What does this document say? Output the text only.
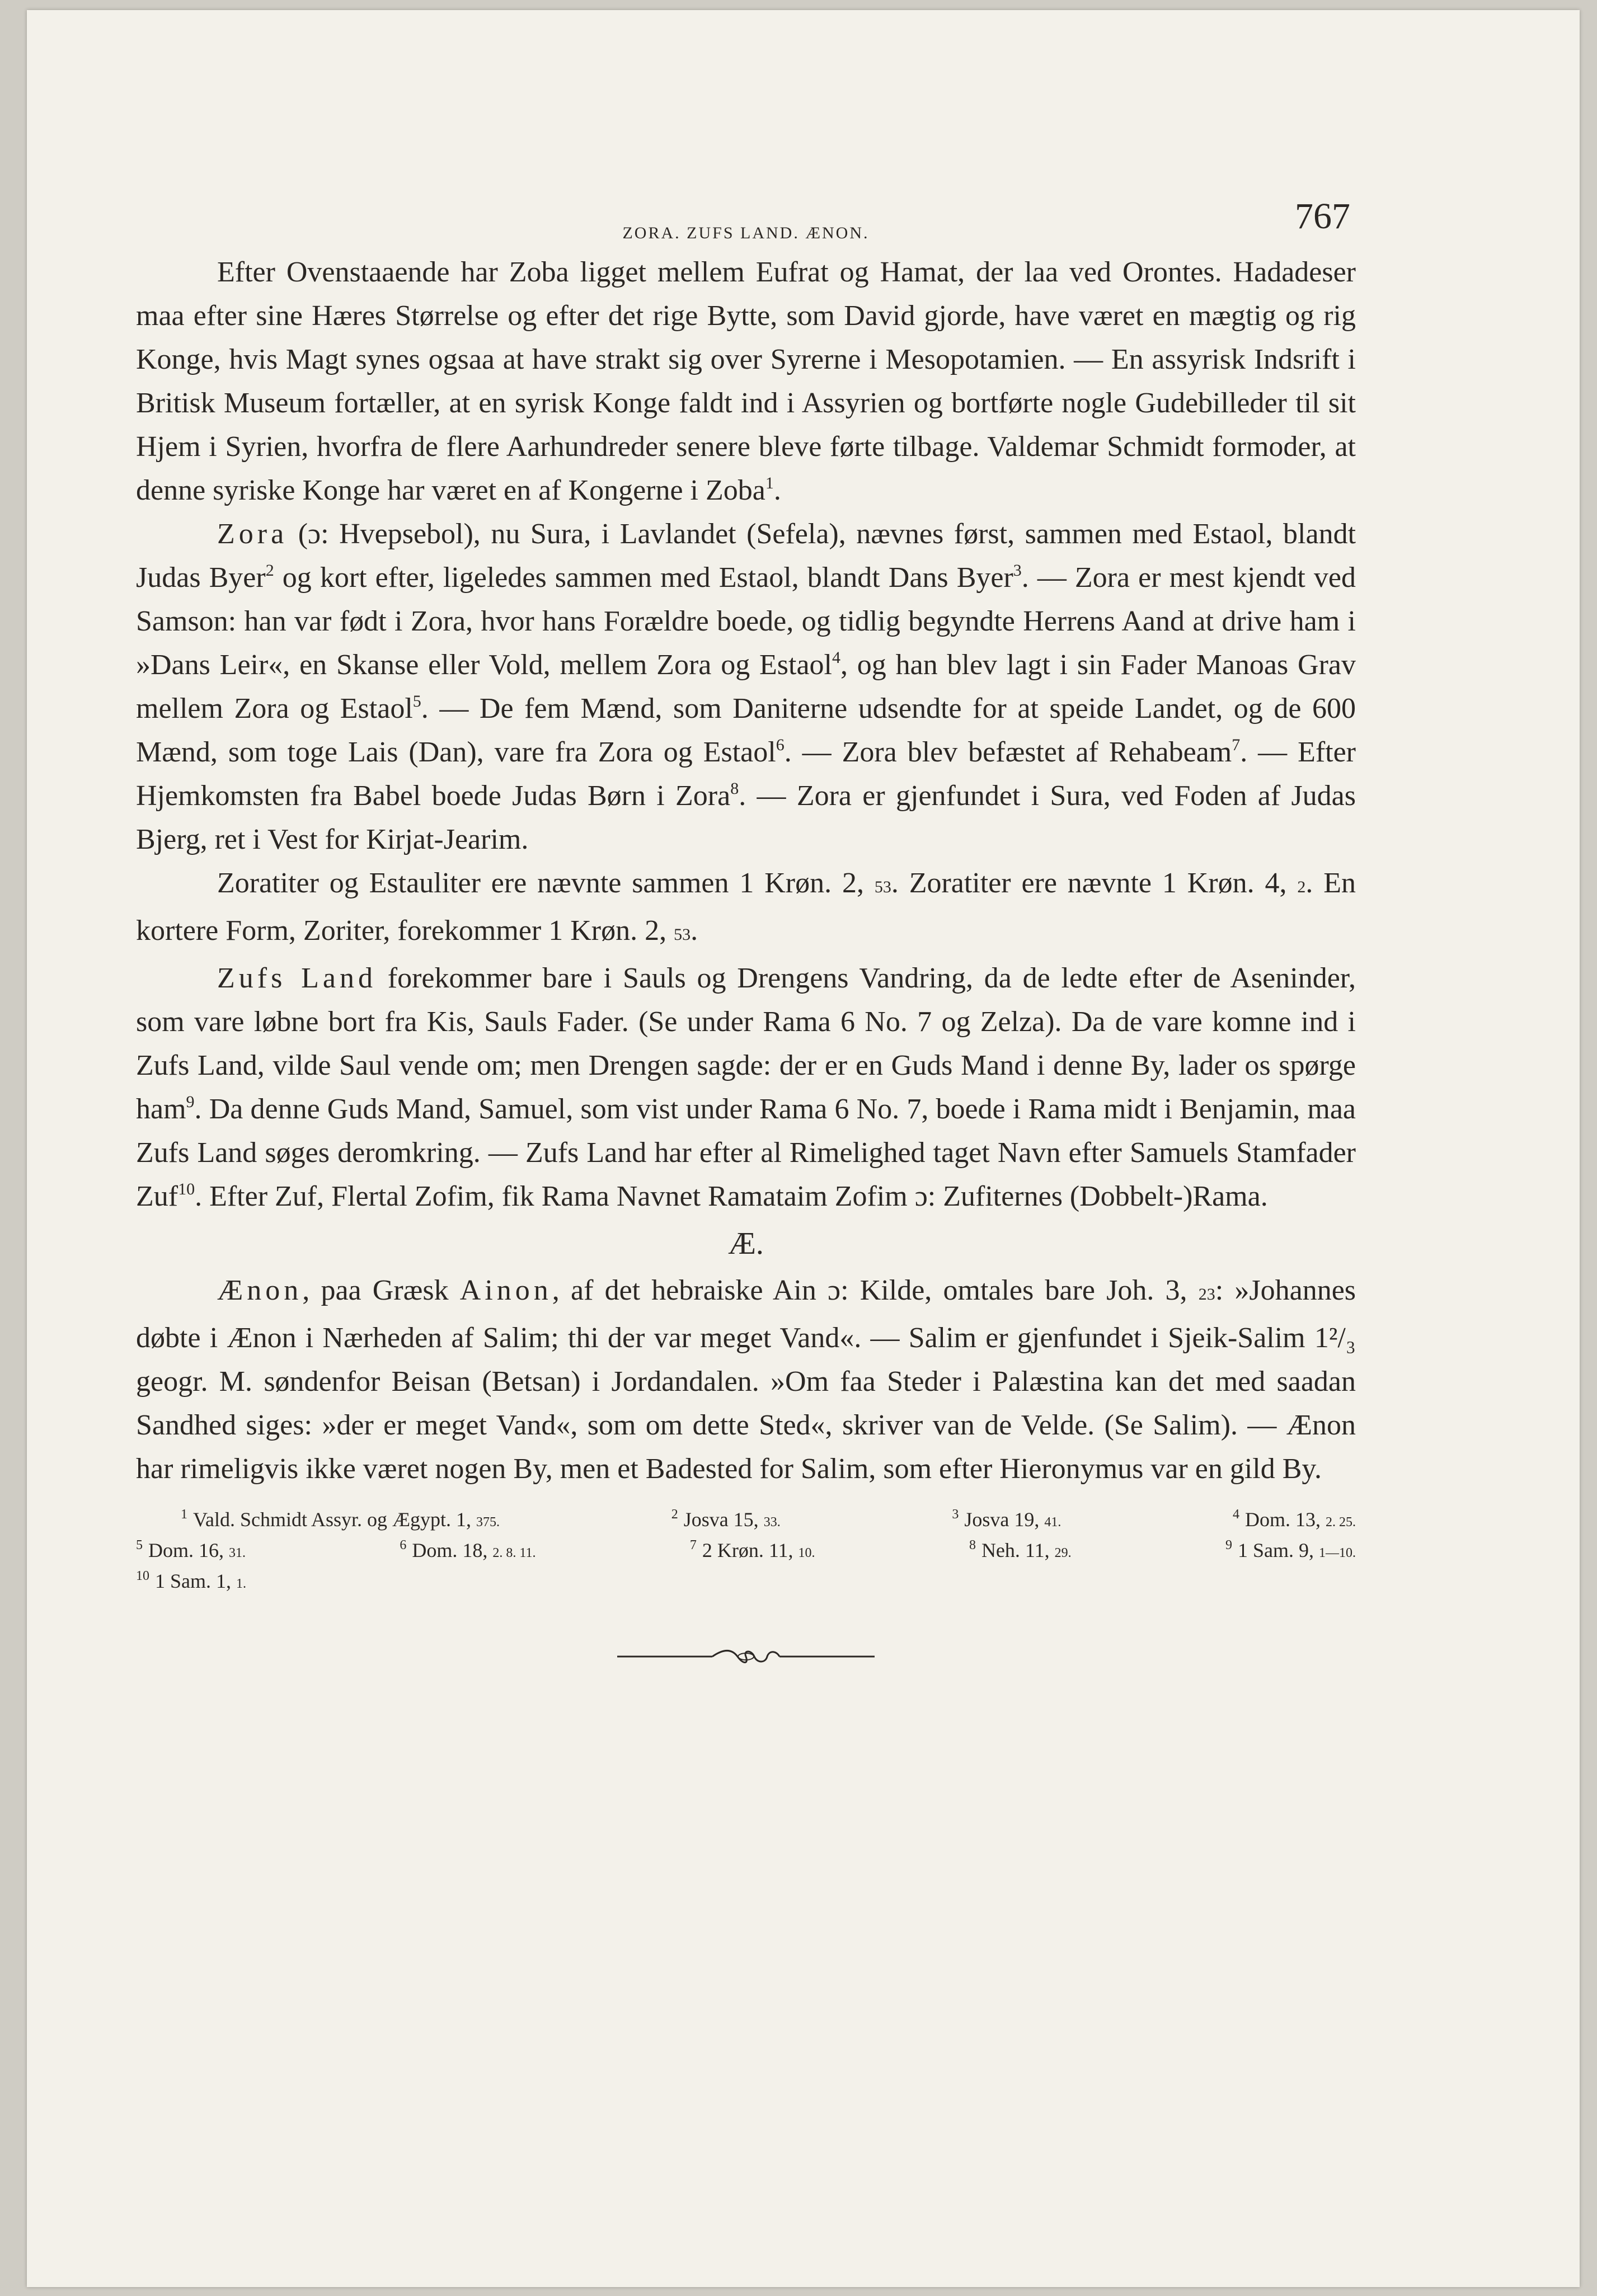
ZORA. ZUFS LAND. ÆNON.	767

Efter Ovenstaaende har Zoba ligget mellem Eufrat og Hamat, der laa ved Orontes. Hadadeser maa efter sine Hæres Størrelse og efter det rige Bytte, som David gjorde, have været en mægtig og rig Konge, hvis Magt synes ogsaa at have strakt sig over Syrerne i Mesopotamien. — En assyrisk Indsrift i Britisk Museum fortæller, at en syrisk Konge faldt ind i Assyrien og bortførte nogle Gudebilleder til sit Hjem i Syrien, hvorfra de flere Aarhundreder senere bleve førte tilbage. Valdemar Schmidt formoder, at denne syriske Konge har været en af Kongerne i Zoba$^1$.

Zora (ɔ: Hvepsebol), nu Sura, i Lavlandet (Sefela), nævnes først, sammen med Estaol, blandt Judas Byer$^2$ og kort efter, ligeledes sammen med Estaol, blandt Dans Byer$^3$. — Zora er mest kjendt ved Samson: han var født i Zora, hvor hans Forældre boede, og tidlig begyndte Herrens Aand at drive ham i »Dans Leir«, en Skanse eller Vold, mellem Zora og Estaol$^4$, og han blev lagt i sin Fader Manoas Grav mellem Zora og Estaol$^5$. — De fem Mænd, som Daniterne udsendte for at speide Landet, og de 600 Mænd, som toge Lais (Dan), vare fra Zora og Estaol$^6$. — Zora blev befæstet af Rehabeam$^7$. — Efter Hjemkomsten fra Babel boede Judas Børn i Zora$^8$. — Zora er gjenfundet i Sura, ved Foden af Judas Bjerg, ret i Vest for Kirjat-Jearim.

Zoratiter og Estauliter ere nævnte sammen 1 Krøn. 2, 53. Zoratiter ere nævnte 1 Krøn. 4, 2. En kortere Form, Zoriter, forekommer 1 Krøn. 2, 53.

Zufs Land forekommer bare i Sauls og Drengens Vandring, da de ledte efter de Aseninder, som vare løbne bort fra Kis, Sauls Fader. (Se under Rama 6 No. 7 og Zelza). Da de vare komne ind i Zufs Land, vilde Saul vende om; men Drengen sagde: der er en Guds Mand i denne By, lader os spørge ham$^9$. Da denne Guds Mand, Samuel, som vist under Rama 6 No. 7, boede i Rama midt i Benjamin, maa Zufs Land søges deromkring. — Zufs Land har efter al Rimelighed taget Navn efter Samuels Stamfader Zuf$^{10}$. Efter Zuf, Flertal Zofim, fik Rama Navnet Ramataim Zofim ɔ: Zufiternes (Dobbelt-)Rama.

Æ.

Ænon, paa Græsk Ainon, af det hebraiske Ain ɔ: Kilde, omtales bare Joh. 3, 23: »Johannes døbte i Ænon i Nærheden af Salim; thi der var meget Vand«. — Salim er gjenfundet i Sjeik-Salim 1²/₃ geogr. M. søndenfor Beisan (Betsan) i Jordandalen. »Om faa Steder i Palæstina kan det med saadan Sandhed siges: »der er meget Vand«, som om dette Sted«, skriver van de Velde. (Se Salim). — Ænon har rimeligvis ikke været nogen By, men et Badested for Salim, som efter Hieronymus var en gild By.

$^1$ Vald. Schmidt Assyr. og Ægypt. 1, 375.
$^2$ Josva 15, 33.
$^3$ Josva 19, 41.
$^4$ Dom. 13, 2. 25.
$^5$ Dom. 16, 31.
$^6$ Dom. 18, 2. 8. 11.
$^7$ 2 Krøn. 11, 10.
$^8$ Neh. 11, 29.
$^9$ 1 Sam. 9, 1—10.
$^{10}$ 1 Sam. 1, 1.
